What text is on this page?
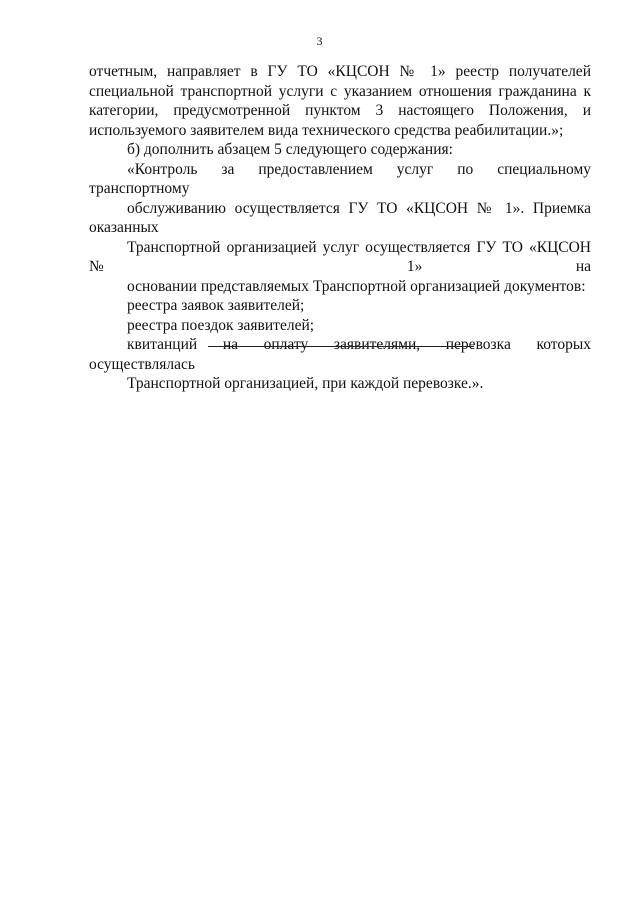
3

отчетным, направляет в ГУ ТО «КЦСОН № 1» реестр получателей
специальной транспортной услуги с указанием отношения гражданина к
категории, предусмотренной пунктом 3 настоящего Положения, и
используемого заявителем вида технического средства реабилитации.»;

б) дополнить абзацем 5 следующего содержания:

«Контроль за предоставлением услуг по специальному транспортному
обслуживанию осуществляется ГУ ТО «КЦСОН № 1». Приемка оказанных
Транспортной организацией услуг осуществляется ГУ ТО «КЦСОН № 1» на
основании представляемых Транспортной организацией документов:

реестра заявок заявителей;

реестра поездок заявителей;

квитанций на оплату заявителями, перевозка которых осуществлялась
Транспортной организацией, при каждой перевозке.».
